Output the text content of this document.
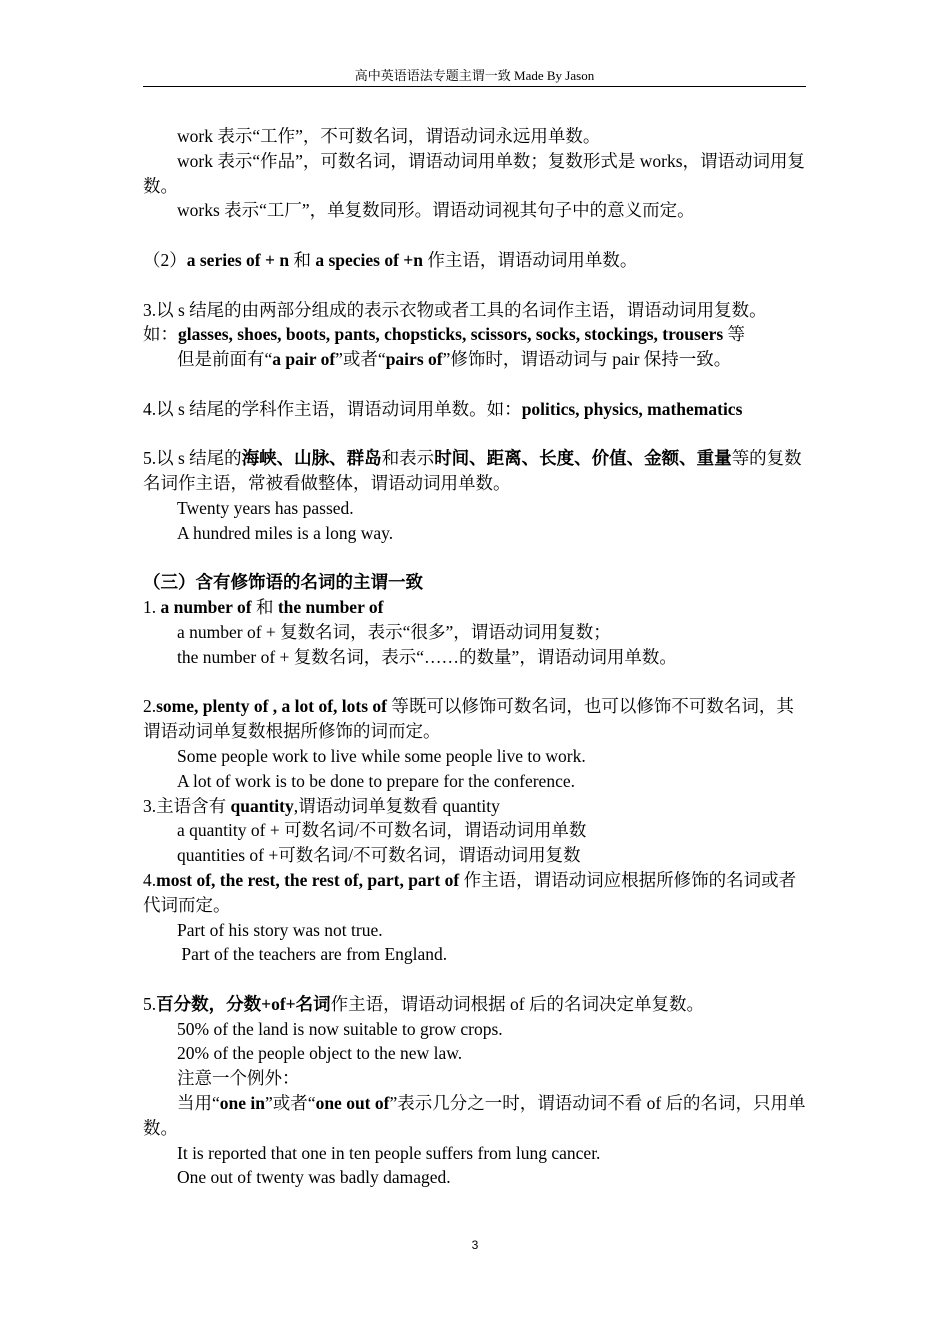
高中英语语法专题主谓一致 Made By Jason

work 表示“工作”，不可数名词，谓语动词永远用单数。

work 表示“作品”，可数名词，谓语动词用单数；复数形式是 works，谓语动词用复数。

works 表示“工厂”，单复数同形。谓语动词视其句子中的意义而定。

（2）a series of + n 和 a species of +n 作主语，谓语动词用单数。

3.以 s 结尾的由两部分组成的表示衣物或者工具的名词作主语，谓语动词用复数。

如：glasses, shoes, boots, pants, chopsticks, scissors, socks, stockings, trousers 等

但是前面有“a pair of”或者“pairs of”修饰时，谓语动词与 pair 保持一致。

4.以 s 结尾的学科作主语，谓语动词用单数。如：politics, physics, mathematics

5.以 s 结尾的海峡、山脉、群岛和表示时间、距离、长度、价值、金额、重量等的复数名词作主语，常被看做整体，谓语动词用单数。

Twenty years has passed.

A hundred miles is a long way.

（三）含有修饰语的名词的主谓一致

1. a number of 和 the number of

a number of + 复数名词，表示“很多”，谓语动词用复数；

the number of + 复数名词，表示“……的数量”，谓语动词用单数。

2.some, plenty of , a lot of, lots of 等既可以修饰可数名词，也可以修饰不可数名词，其谓语动词单复数根据所修饰的词而定。

Some people work to live while some people live to work.

A lot of work is to be done to prepare for the conference.

3.主语含有 quantity,谓语动词单复数看 quantity

a quantity of + 可数名词/不可数名词，谓语动词用单数

quantities of +可数名词/不可数名词，谓语动词用复数

4.most of, the rest, the rest of, part, part of 作主语，谓语动词应根据所修饰的名词或者代词而定。

Part of his story was not true.

Part of the teachers are from England.

5.百分数，分数+of+名词作主语，谓语动词根据 of 后的名词决定单复数。

50% of the land is now suitable to grow crops.

20% of the people object to the new law.

注意一个例外：

当用“one in”或者“one out of”表示几分之一时，谓语动词不看 of 后的名词，只用单数。

It is reported that one in ten people suffers from lung cancer.

One out of twenty was badly damaged.

3
